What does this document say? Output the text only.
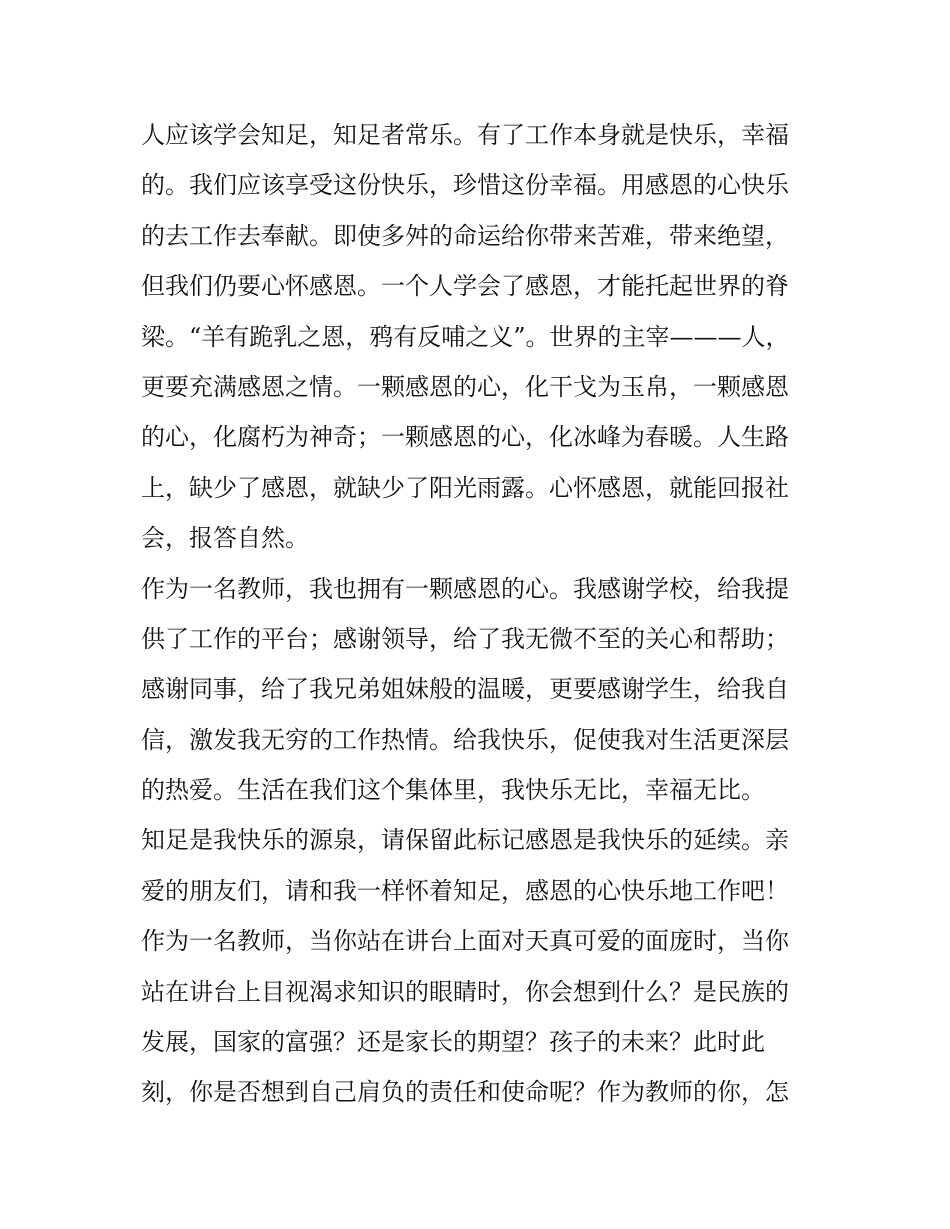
人应该学会知足，知足者常乐。有了工作本身就是快乐，幸福
的。我们应该享受这份快乐，珍惜这份幸福。用感恩的心快乐
的去工作去奉献。即使多舛的命运给你带来苦难，带来绝望，
但我们仍要心怀感恩。一个人学会了感恩，才能托起世界的脊
梁。“羊有跪乳之恩，鸦有反哺之义”。世界的主宰———人，
更要充满感恩之情。一颗感恩的心，化干戈为玉帛，一颗感恩
的心，化腐朽为神奇；一颗感恩的心，化冰峰为春暖。人生路
上，缺少了感恩，就缺少了阳光雨露。心怀感恩，就能回报社
会，报答自然。
作为一名教师，我也拥有一颗感恩的心。我感谢学校，给我提
供了工作的平台；感谢领导，给了我无微不至的关心和帮助；
感谢同事，给了我兄弟姐妹般的温暖，更要感谢学生，给我自
信，激发我无穷的工作热情。给我快乐，促使我对生活更深层
的热爱。生活在我们这个集体里，我快乐无比，幸福无比。
知足是我快乐的源泉，请保留此标记感恩是我快乐的延续。亲
爱的朋友们，请和我一样怀着知足，感恩的心快乐地工作吧！
作为一名教师，当你站在讲台上面对天真可爱的面庞时，当你
站在讲台上目视渴求知识的眼睛时，你会想到什么？是民族的
发展，国家的富强？还是家长的期望？孩子的未来？此时此
刻，你是否想到自己肩负的责任和使命呢？作为教师的你，怎
